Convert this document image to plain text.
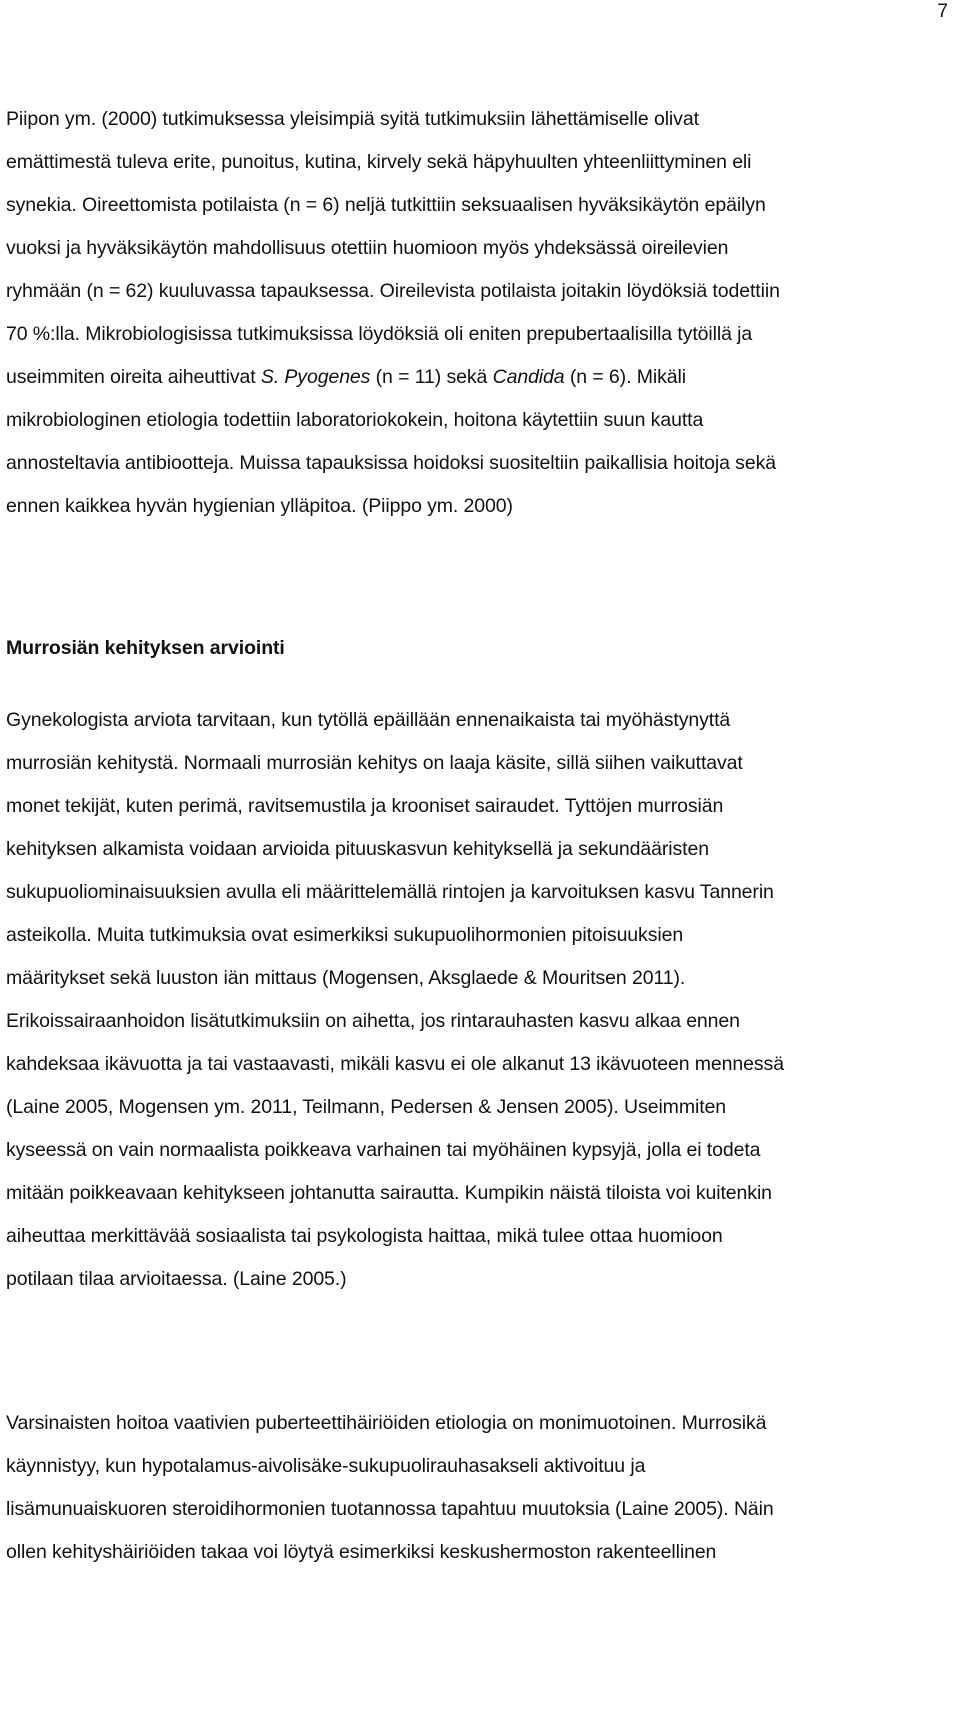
7
Piipon ym. (2000) tutkimuksessa yleisimpiä syitä tutkimuksiin lähettämiselle olivat
emättimestä tuleva erite, punoitus, kutina, kirvely sekä häpyhuulten yhteenliittyminen eli
synekia. Oireettomista potilaista (n = 6) neljä tutkittiin seksuaalisen hyväksikäytön epäilyn
vuoksi ja hyväksikäytön mahdollisuus otettiin huomioon myös yhdeksässä oireilevien
ryhmään (n = 62) kuuluvassa tapauksessa. Oireilevista potilaista joitakin löydöksiä todettiin
70 %:lla. Mikrobiologisissa tutkimuksissa löydöksiä oli eniten prepubertaalisilla tytöillä ja
useimmiten oireita aiheuttivat S. Pyogenes (n = 11) sekä Candida (n = 6). Mikäli
mikrobiologinen etiologia todettiin laboratoriokokein, hoitona käytettiin suun kautta
annosteltavia antibiootteja. Muissa tapauksissa hoidoksi suositeltiin paikallisia hoitoja sekä
ennen kaikkea hyvän hygienian ylläpitoa. (Piippo ym. 2000)
Murrosiän kehityksen arviointi
Gynekologista arviota tarvitaan, kun tytöllä epäillään ennenaikaista tai myöhästynyttä
murrosiän kehitystä. Normaali murrosiän kehitys on laaja käsite, sillä siihen vaikuttavat
monet tekijät, kuten perimä, ravitsemustila ja krooniset sairaudet. Tyttöjen murrosiän
kehityksen alkamista voidaan arvioida pituuskasvun kehityksellä ja sekundääristen
sukupuoliominaisuuksien avulla eli määrittelemällä rintojen ja karvoituksen kasvu Tannerin
asteikolla. Muita tutkimuksia ovat esimerkiksi sukupuolihormonien pitoisuuksien
määritykset sekä luuston iän mittaus (Mogensen, Aksglaede & Mouritsen 2011).
Erikoissairaanhoidon lisätutkimuksiin on aihetta, jos rintarauhasten kasvu alkaa ennen
kahdeksaa ikävuotta ja tai vastaavasti, mikäli kasvu ei ole alkanut 13 ikävuoteen mennessä
(Laine 2005, Mogensen ym. 2011, Teilmann, Pedersen & Jensen 2005). Useimmiten
kyseessä on vain normaalista poikkeava varhainen tai myöhäinen kypsyjä, jolla ei todeta
mitään poikkeavaan kehitykseen johtanutta sairautta. Kumpikin näistä tiloista voi kuitenkin
aiheuttaa merkittävää sosiaalista tai psykologista haittaa, mikä tulee ottaa huomioon
potilaan tilaa arvioitaessa. (Laine 2005.)
Varsinaisten hoitoa vaativien puberteettihäiriöiden etiologia on monimuotoinen. Murrosikä
käynnistyy, kun hypotalamus-aivolisäke-sukupuolirauhasakseli aktivoituu ja
lisämunuaiskuoren steroidihormonien tuotannossa tapahtuu muutoksia (Laine 2005). Näin
ollen kehityshäiriöiden takaa voi löytyä esimerkiksi keskushermoston rakenteellinen
